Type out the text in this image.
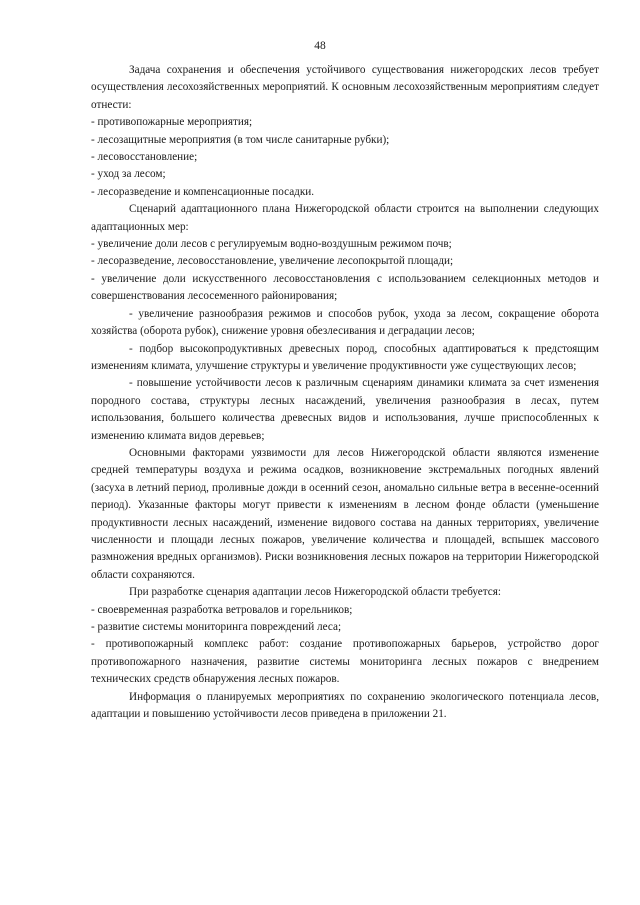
48

Задача сохранения и обеспечения устойчивого существования нижегородских лесов требует осуществления лесохозяйственных мероприятий. К основным лесохозяйственным мероприятиям следует отнести:

- противопожарные мероприятия;

- лесозащитные мероприятия (в том числе санитарные рубки);

- лесовосстановление;

- уход за лесом;

- лесоразведение и компенсационные посадки.

Сценарий адаптационного плана Нижегородской области строится на выполнении следующих адаптационных мер:

- увеличение доли лесов с регулируемым водно-воздушным режимом почв;

- лесоразведение, лесовосстановление, увеличение лесопокрытой площади;

- увеличение доли искусственного лесовосстановления с использованием селекционных методов и совершенствования лесосеменного районирования;

- увеличение разнообразия режимов и способов рубок, ухода за лесом, сокращение оборота хозяйства (оборота рубок), снижение уровня обезлесивания и деградации лесов;

- подбор высокопродуктивных древесных пород, способных адаптироваться к предстоящим изменениям климата, улучшение структуры и увеличение продуктивности уже существующих лесов;

- повышение устойчивости лесов к различным сценариям динамики климата за счет изменения породного состава, структуры лесных насаждений, увеличения разнообразия в лесах, путем использования, большего количества древесных видов и использования, лучше приспособленных к изменению климата видов деревьев;

Основными факторами уязвимости для лесов Нижегородской области являются изменение средней температуры воздуха и режима осадков, возникновение экстремальных погодных явлений (засуха в летний период, проливные дожди в осенний сезон, аномально сильные ветра в весенне-осенний период). Указанные факторы могут привести к изменениям в лесном фонде области (уменьшение продуктивности лесных насаждений, изменение видового состава на данных территориях, увеличение численности и площади лесных пожаров, увеличение количества и площадей, вспышек массового размножения вредных организмов). Риски возникновения лесных пожаров на территории Нижегородской области сохраняются.

При разработке сценария адаптации лесов Нижегородской области требуется:

- своевременная разработка ветровалов и горельников;

- развитие системы мониторинга повреждений леса;

- противопожарный комплекс работ: создание противопожарных барьеров, устройство дорог противопожарного назначения, развитие системы мониторинга лесных пожаров с внедрением технических средств обнаружения лесных пожаров.

Информация о планируемых мероприятиях по сохранению экологического потенциала лесов, адаптации и повышению устойчивости лесов приведена в приложении 21.
